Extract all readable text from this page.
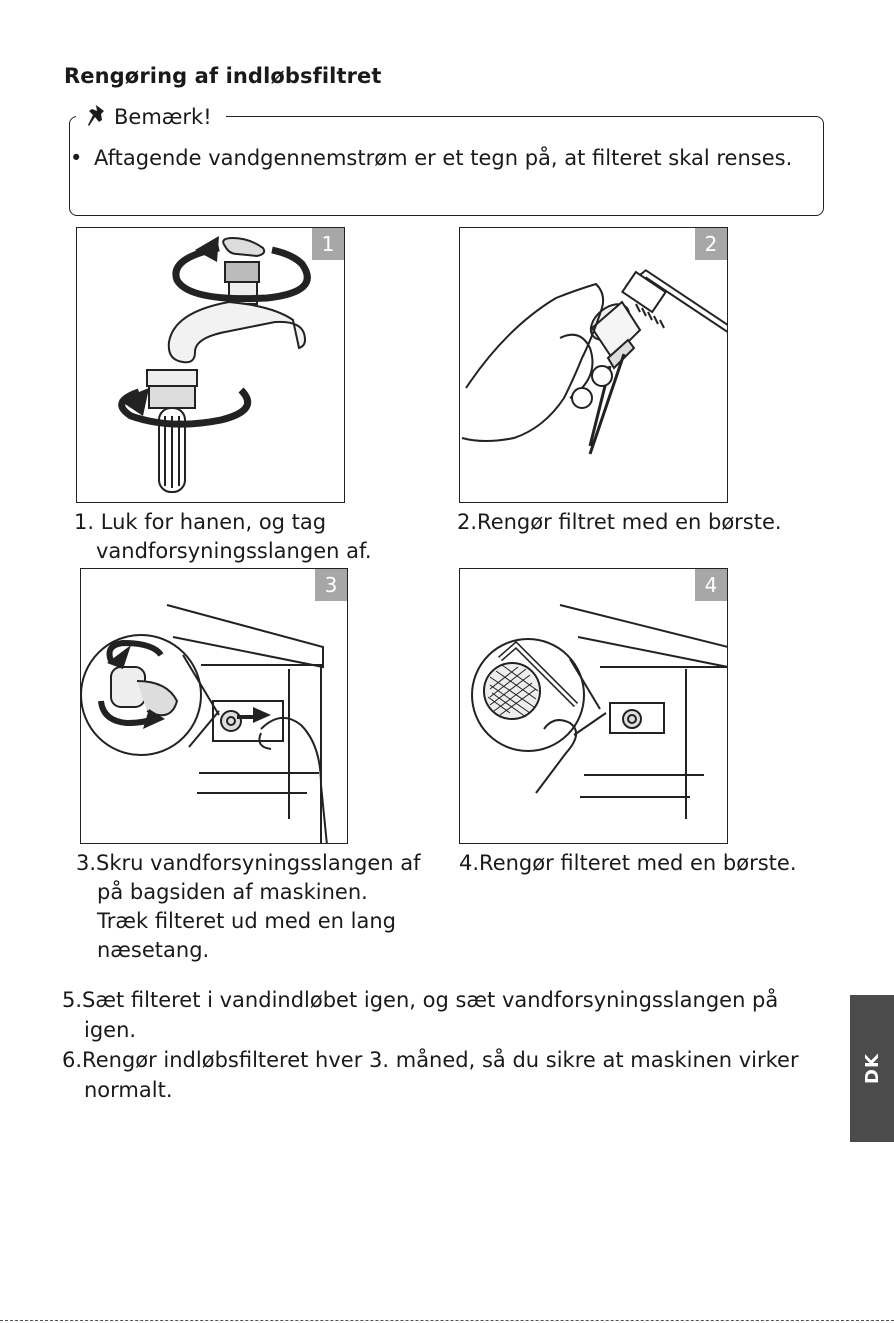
Rengøring af indløbsfiltret
Bemærk!
• Aftagende vandgennemstrøm er et tegn på, at filteret skal renses.
1	2
1. Luk for hanen, og tag
vandforsyningsslangen af.
2.Rengør filtret med en børste.
3	4
3.Skru vandforsyningsslangen af
på bagsiden af maskinen.
Træk filteret ud med en lang
næsetang.
4.Rengør filteret med en børste.
5.Sæt filteret i vandindløbet igen, og sæt vandforsyningsslangen på
igen.
6.Rengør indløbsfilteret hver 3. måned, så du sikre at maskinen virker
normalt.
DK
